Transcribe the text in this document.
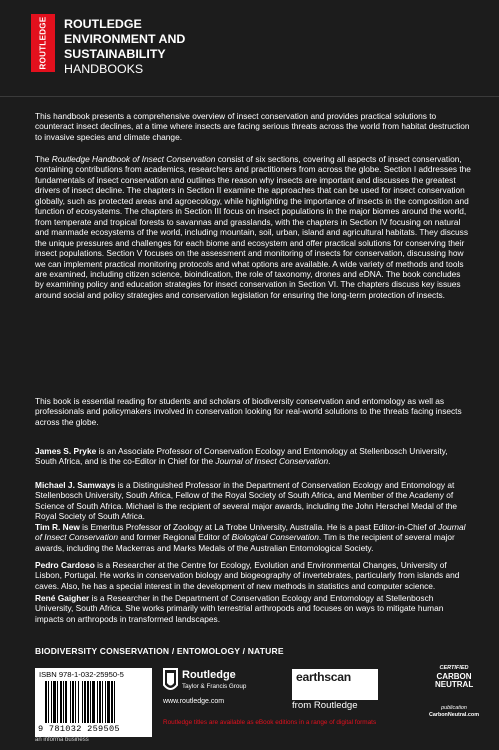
ROUTLEDGE ROUTLEDGE
ENVIRONMENT AND
SUSTAINABILITY
HANDBOOKS

This handbook presents a comprehensive overview of insect conservation and provides practical solutions to counteract insect declines, at a time where insects are facing serious threats across the world from habitat destruction to invasive species and climate change.

The Routledge Handbook of Insect Conservation consist of six sections, covering all aspects of insect conservation, containing contributions from academics, researchers and practitioners from across the globe. Section I addresses the fundamentals of insect conservation and outlines the reason why insects are important and discusses the greatest drivers of insect decline. The chapters in Section II examine the approaches that can be used for insect conservation globally, such as protected areas and agroecology, while highlighting the importance of insects in the composition and function of ecosystems. The chapters in Section III focus on insect populations in the major biomes around the world, from temperate and tropical forests to savannas and grasslands, with the chapters in Section IV focusing on natural and manmade ecosystems of the world, including mountain, soil, urban, island and agricultural habitats. They discuss the unique pressures and challenges for each biome and ecosystem and offer practical solutions for conserving their insect populations. Section V focuses on the assessment and monitoring of insects for conservation, discussing how we can implement practical monitoring protocols and what options are available. A wide variety of methods and tools are examined, including citizen science, bioindication, the role of taxonomy, drones and eDNA. The book concludes by examining policy and education strategies for insect conservation in Section VI. The chapters discuss key issues around social and policy strategies and conservation legislation for ensuring the long-term protection of insects.

This book is essential reading for students and scholars of biodiversity conservation and entomology as well as professionals and policymakers involved in conservation looking for real-world solutions to the threats facing insects across the globe.

James S. Pryke is an Associate Professor of Conservation Ecology and Entomology at Stellenbosch University, South Africa, and is the co-Editor in Chief for the Journal of Insect Conservation.

Michael J. Samways is a Distinguished Professor in the Department of Conservation Ecology and Entomology at Stellenbosch University, South Africa, Fellow of the Royal Society of South Africa, and Member of the Academy of Science of South Africa. Michael is the recipient of several major awards, including the John Herschel Medal of the Royal Society of South Africa.

Tim R. New is Emeritus Professor of Zoology at La Trobe University, Australia. He is a past Editor-in-Chief of Journal of Insect Conservation and former Regional Editor of Biological Conservation. Tim is the recipient of several major awards, including the Mackerras and Marks Medals of the Australian Entomological Society.

Pedro Cardoso is a Researcher at the Centre for Ecology, Evolution and Environmental Changes, University of Lisbon, Portugal. He works in conservation biology and biogeography of invertebrates, particularly from islands and caves. Also, he has a special interest in the development of new methods in statistics and computer science.

René Gaigher is a Researcher in the Department of Conservation Ecology and Entomology at Stellenbosch University, South Africa. She works primarily with terrestrial arthropods and focuses on ways to mitigate human impacts on arthropods in transformed landscapes.

BIODIVERSITY CONSERVATION / ENTOMOLOGY / NATURE
ISBN 978-1-032-25950-5
9 781032 259505
an informa business
Routledge
Taylor & Francis Group
www.routledge.com
earthscan
from Routledge
CERTIFIED
CARBON
NEUTRAL
publication
CarbonNeutral.com
Routledge titles are available as eBook editions in a range of digital formats
